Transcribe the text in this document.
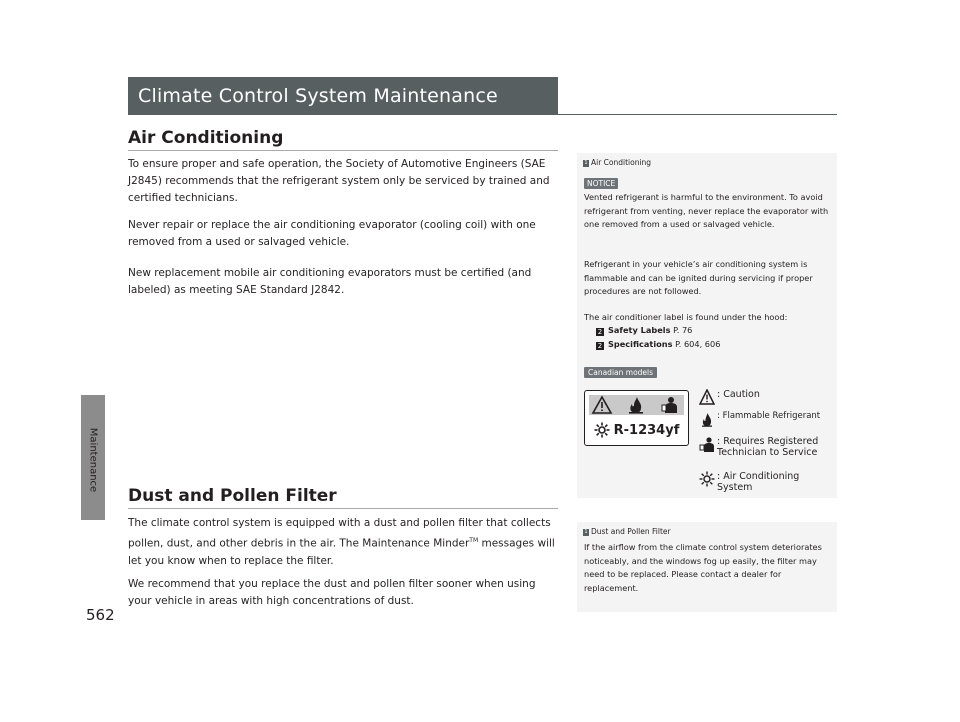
Maintenance
562
Climate Control System Maintenance
Air Conditioning

To ensure proper and safe operation, the Society of Automotive Engineers (SAE J2845) recommends that the refrigerant system only be serviced by trained and certified technicians.

Never repair or replace the air conditioning evaporator (cooling coil) with one removed from a used or salvaged vehicle.

New replacement mobile air conditioning evaporators must be certified (and labeled) as meeting SAE Standard J2842.

Dust and Pollen Filter

The climate control system is equipped with a dust and pollen filter that collects pollen, dust, and other debris in the air. The Maintenance Minder™ messages will let you know when to replace the filter.

We recommend that you replace the dust and pollen filter sooner when using your vehicle in areas with high concentrations of dust.

1 Air Conditioning
NOTICE
Vented refrigerant is harmful to the environment. To avoid refrigerant from venting, never replace the evaporator with one removed from a used or salvaged vehicle.
Refrigerant in your vehicle’s air conditioning system is flammable and can be ignited during servicing if proper procedures are not followed.
The air conditioner label is found under the hood:
2 Safety Labels P. 76
2 Specifications P. 604, 606
Canadian models
R-1234yf
: Caution
: Flammable Refrigerant
: Requires Registered
Technician to Service
: Air Conditioning
System
1 Dust and Pollen Filter
If the airflow from the climate control system deteriorates noticeably, and the windows fog up easily, the filter may need to be replaced. Please contact a dealer for replacement.
